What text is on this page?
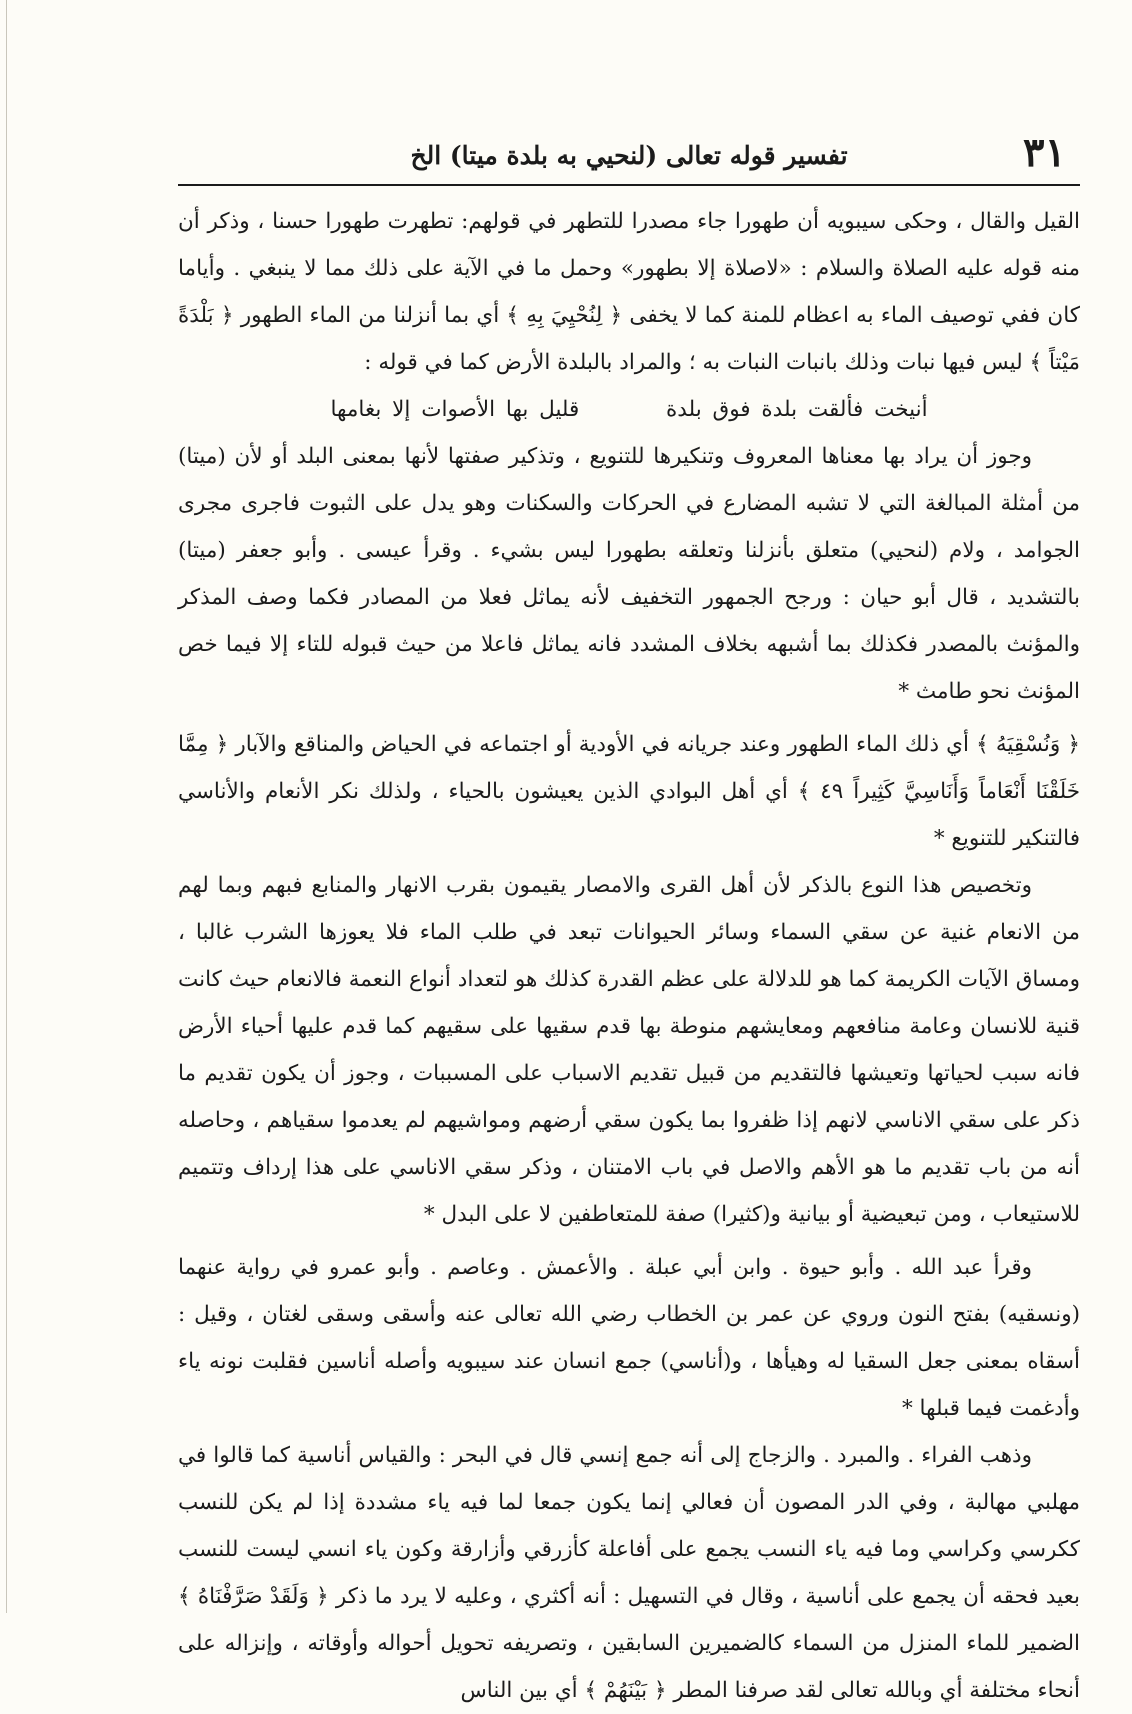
٣١
تفسير قوله تعالى (لنحيي به بلدة ميتا) الخ

القيل والقال ، وحكى سيبويه أن طهورا جاء مصدرا للتطهر في قولهم: تطهرت طهورا حسنا ، وذكر أن منه قوله عليه الصلاة والسلام : «لاصلاة إلا بطهور» وحمل ما في الآية على ذلك مما لا ينبغي . وأياما كان ففي توصيف الماء به اعظام للمنة كما لا يخفى ﴿ لِنُحْيِيَ بِهِ ﴾ أي بما أنزلنا من الماء الطهور ﴿ بَلْدَةً مَيْتاً ﴾ ليس فيها نبات وذلك بانبات النبات به ؛ والمراد بالبلدة الأرض كما في قوله :

أنيخت فألقت بلدة فوق بلدة        قليل بها الأصوات إلا بغامها

وجوز أن يراد بها معناها المعروف وتنكيرها للتنويع ، وتذكير صفتها لأنها بمعنى البلد أو لأن (ميتا) من أمثلة المبالغة التي لا تشبه المضارع في الحركات والسكنات وهو يدل على الثبوت فاجرى مجرى الجوامد ، ولام (لنحيي) متعلق بأنزلنا وتعلقه بطهورا ليس بشيء . وقرأ عيسى . وأبو جعفر (ميتا) بالتشديد ، قال أبو حيان : ورجح الجمهور التخفيف لأنه يماثل فعلا من المصادر فكما وصف المذكر والمؤنث بالمصدر فكذلك بما أشبهه بخلاف المشدد فانه يماثل فاعلا من حيث قبوله للتاء إلا فيما خص المؤنث نحو طامث *

﴿ وَنُسْقِيَهُ ﴾ أي ذلك الماء الطهور وعند جريانه في الأودية أو اجتماعه في الحياض والمناقع والآبار ﴿ مِمَّا خَلَقْنَا أَنْعَاماً وَأَنَاسِيَّ كَثِيراً ٤٩ ﴾ أي أهل البوادي الذين يعيشون بالحياء ، ولذلك نكر الأنعام والأناسي فالتنكير للتنويع *

وتخصيص هذا النوع بالذكر لأن أهل القرى والامصار يقيمون بقرب الانهار والمنابع فبهم وبما لهم من الانعام غنية عن سقي السماء وسائر الحيوانات تبعد في طلب الماء فلا يعوزها الشرب غالبا ، ومساق الآيات الكريمة كما هو للدلالة على عظم القدرة كذلك هو لتعداد أنواع النعمة فالانعام حيث كانت قنية للانسان وعامة منافعهم ومعايشهم منوطة بها قدم سقيها على سقيهم كما قدم عليها أحياء الأرض فانه سبب لحياتها وتعيشها فالتقديم من قبيل تقديم الاسباب على المسببات ، وجوز أن يكون تقديم ما ذكر على سقي الاناسي لانهم إذا ظفروا بما يكون سقي أرضهم ومواشيهم لم يعدموا سقياهم ، وحاصله أنه من باب تقديم ما هو الأهم والاصل في باب الامتنان ، وذكر سقي الاناسي على هذا إرداف وتتميم للاستيعاب ، ومن تبعيضية أو بيانية و(كثيرا) صفة للمتعاطفين لا على البدل *

وقرأ عبد الله . وأبو حيوة . وابن أبي عبلة . والأعمش . وعاصم . وأبو عمرو في رواية عنهما (ونسقيه) بفتح النون وروي عن عمر بن الخطاب رضي الله تعالى عنه وأسقى وسقى لغتان ، وقيل : أسقاه بمعنى جعل السقيا له وهيأها ، و(أناسي) جمع انسان عند سيبويه وأصله أناسين فقلبت نونه ياء وأدغمت فيما قبلها *

وذهب الفراء . والمبرد . والزجاج إلى أنه جمع إنسي قال في البحر : والقياس أناسية كما قالوا في مهلبي مهالبة ، وفي الدر المصون أن فعالي إنما يكون جمعا لما فيه ياء مشددة إذا لم يكن للنسب ككرسي وكراسي وما فيه ياء النسب يجمع على أفاعلة كأزرقي وأزارقة وكون ياء انسي ليست للنسب بعيد فحقه أن يجمع على أناسية ، وقال في التسهيل : أنه أكثري ، وعليه لا يرد ما ذكر ﴿ وَلَقَدْ صَرَّفْنَاهُ ﴾ الضمير للماء المنزل من السماء كالضميرين السابقين ، وتصريفه تحويل أحواله وأوقاته ، وإنزاله على أنحاء مختلفة أي وبالله تعالى لقد صرفنا المطر ﴿ بَيْنَهُمْ ﴾ أي بين الناس
